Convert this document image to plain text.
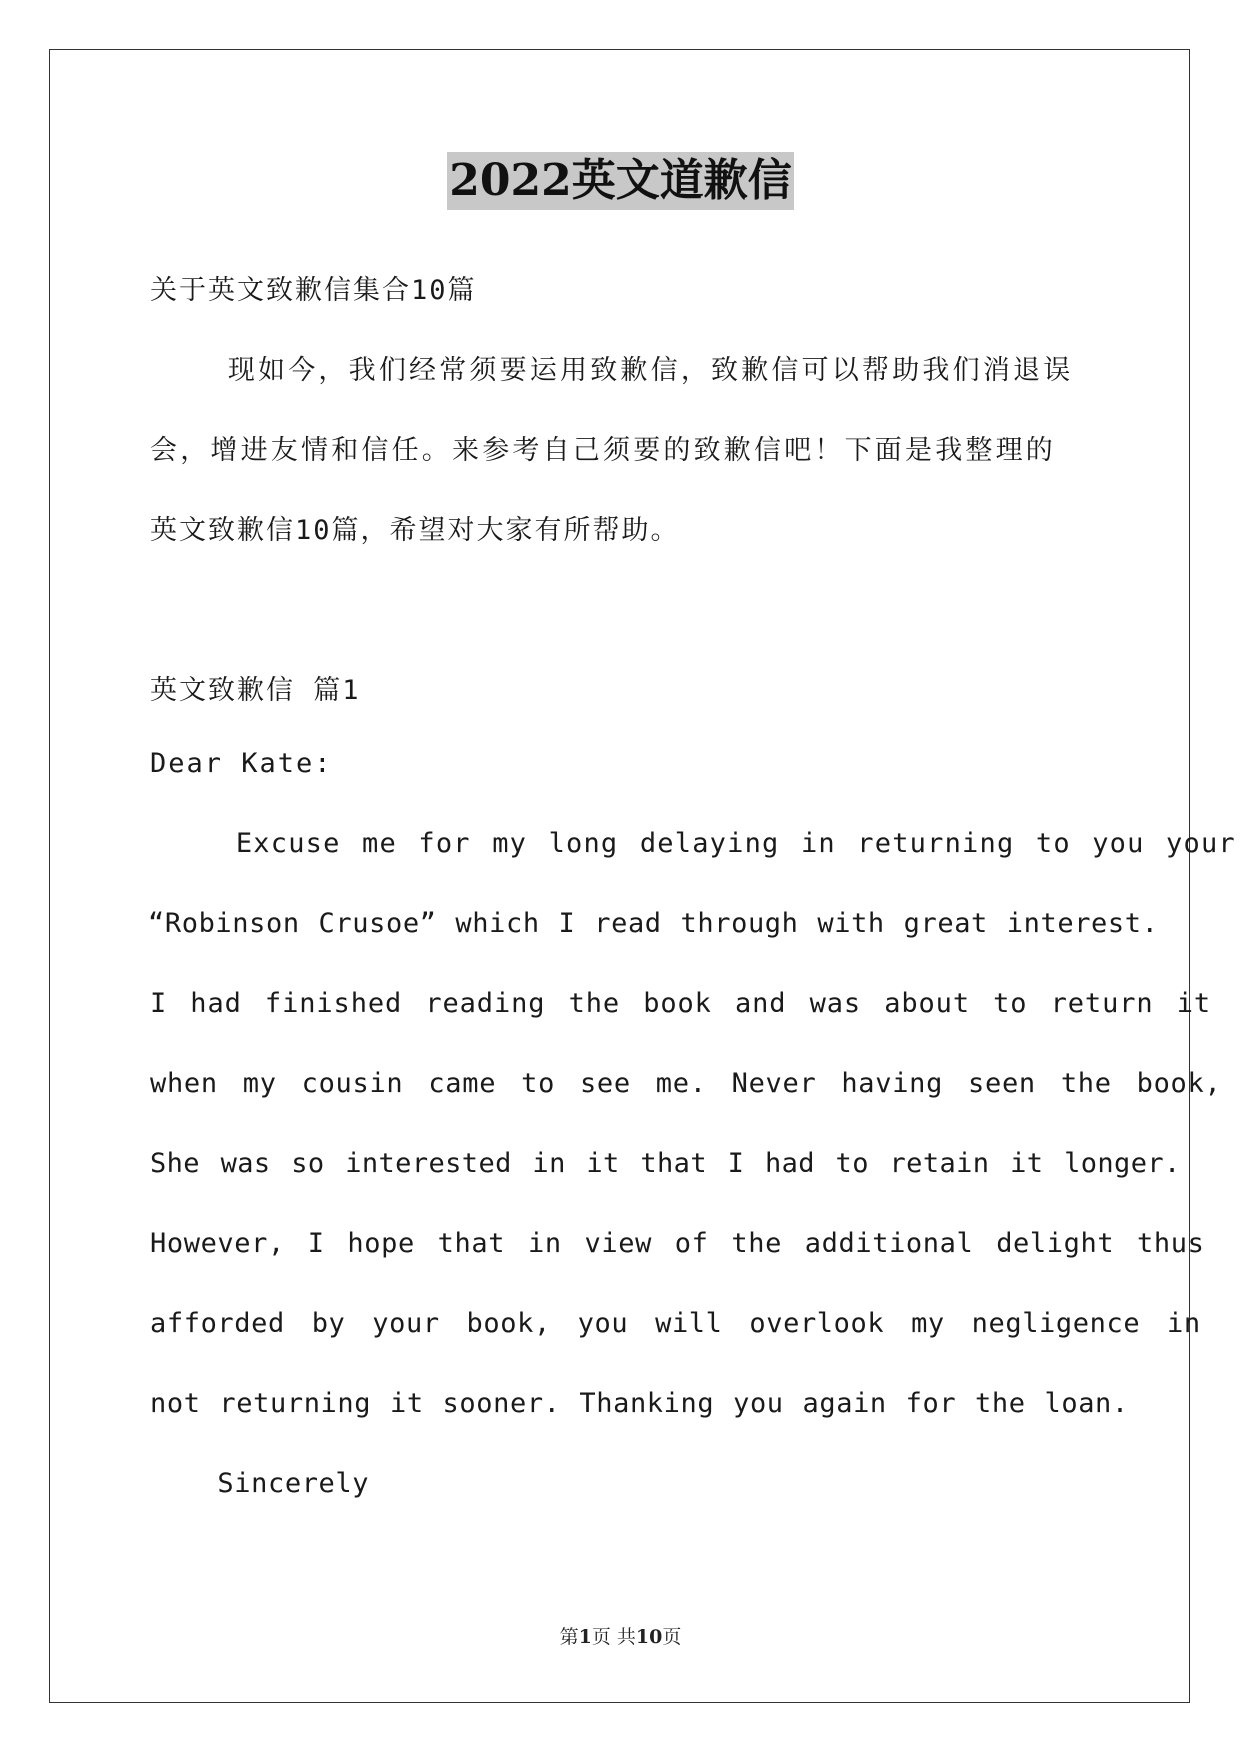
2022英文道歉信
关于英文致歉信集合10篇
现如今，我们经常须要运用致歉信，致歉信可以帮助我们消退误
会，增进友情和信任。来参考自己须要的致歉信吧！下面是我整理的
英文致歉信10篇，希望对大家有所帮助。
英文致歉信 篇1
Dear Kate:
Excuse me for my long delaying in returning to you your
“Robinson Crusoe” which I read through with great interest.
I had finished reading the book and was about to return it
when my cousin came to see me. Never having seen the book,
She was so interested in it that I had to retain it longer.
However, I hope that in view of the additional delight thus
afforded by your book, you will overlook my negligence in
not returning it sooner. Thanking you again for the loan.
Sincerely
第1页 共10页
